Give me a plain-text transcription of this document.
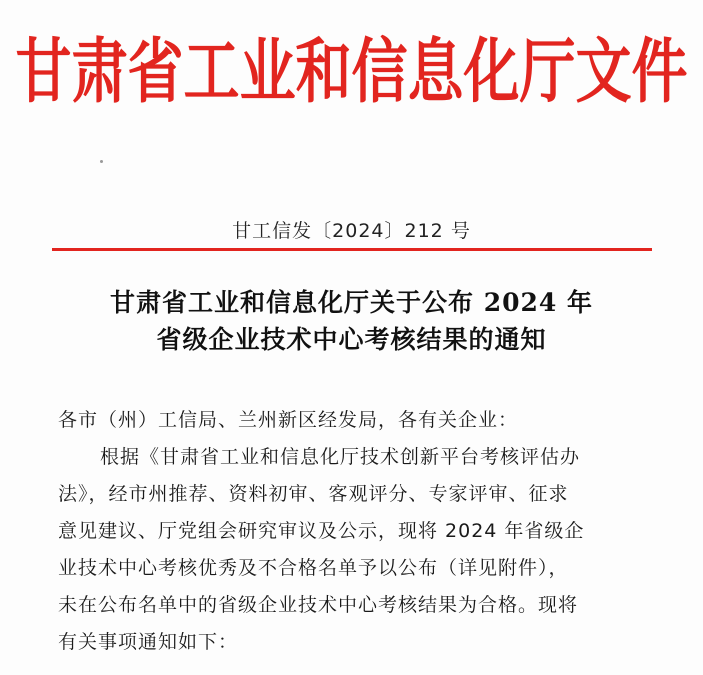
甘肃省工业和信息化厅文件
甘工信发〔2024〕212 号
甘肃省工业和信息化厅关于公布 2024 年
省级企业技术中心考核结果的通知
各市（州）工信局、兰州新区经发局，各有关企业：
根据《甘肃省工业和信息化厅技术创新平台考核评估办
法》，经市州推荐、资料初审、客观评分、专家评审、征求
意见建议、厅党组会研究审议及公示，现将 2024 年省级企
业技术中心考核优秀及不合格名单予以公布（详见附件），
未在公布名单中的省级企业技术中心考核结果为合格。现将
有关事项通知如下：
